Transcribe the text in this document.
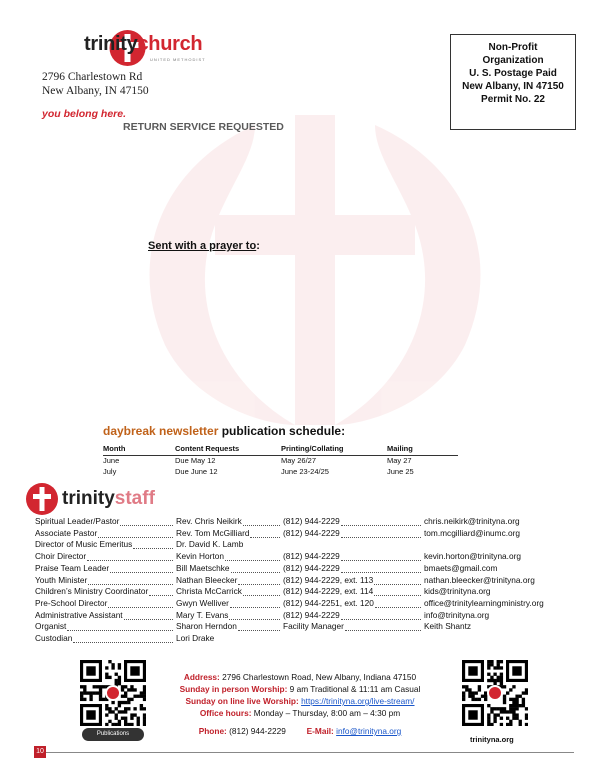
trinitychurch
UNITED METHODIST
2796 Charlestown Rd
New Albany, IN 47150
you belong here.
RETURN SERVICE REQUESTED
Non-Profit
Organization
U. S. Postage Paid
New Albany, IN 47150
Permit No. 22
Sent with a prayer to:
daybreak newsletter publication schedule:
Month	Content Requests	Printing/Collating	Mailing
June	Due May 12	May 26/27	May 27
July	Due June 12	June 23-24/25	June 25
trinitystaff
Spiritual Leader/Pastor	Rev. Chris Neikirk	(812) 944-2229	chris.neikirk@trinityna.org
Associate Pastor	Rev. Tom McGilliard	(812) 944-2229	tom.mcgilliard@inumc.org
Director of Music Emeritus	Dr. David K. Lamb
Choir Director	Kevin Horton	(812) 944-2229	kevin.horton@trinityna.org
Praise Team Leader	Bill Maetschke	(812) 944-2229	bmaets@gmail.com
Youth Minister	Nathan Bleecker	(812) 944-2229, ext. 113	nathan.bleecker@trinityna.org
Children’s Ministry Coordinator	Christa McCarrick	(812) 944-2229, ext. 114	kids@trinityna.org
Pre-School Director	Gwyn Welliver	(812) 944-2251, ext. 120	office@trinitylearningministry.org
Administrative Assistant	Mary T. Evans	(812) 944-2229	info@trinityna.org
Organist	Sharon Herndon	Facility Manager	Keith Shantz
Custodian	Lori Drake
Publications
trinityna.org
Address: 2796 Charlestown Road, New Albany, Indiana 47150
Sunday in person Worship: 9 am Traditional & 11:11 am Casual
Sunday on line live Worship: https://trinityna.org/live-stream/
Office hours: Monday – Thursday, 8:00 am – 4:30 pm
Phone: (812) 944-2229	E-Mail: info@trinityna.org
10
